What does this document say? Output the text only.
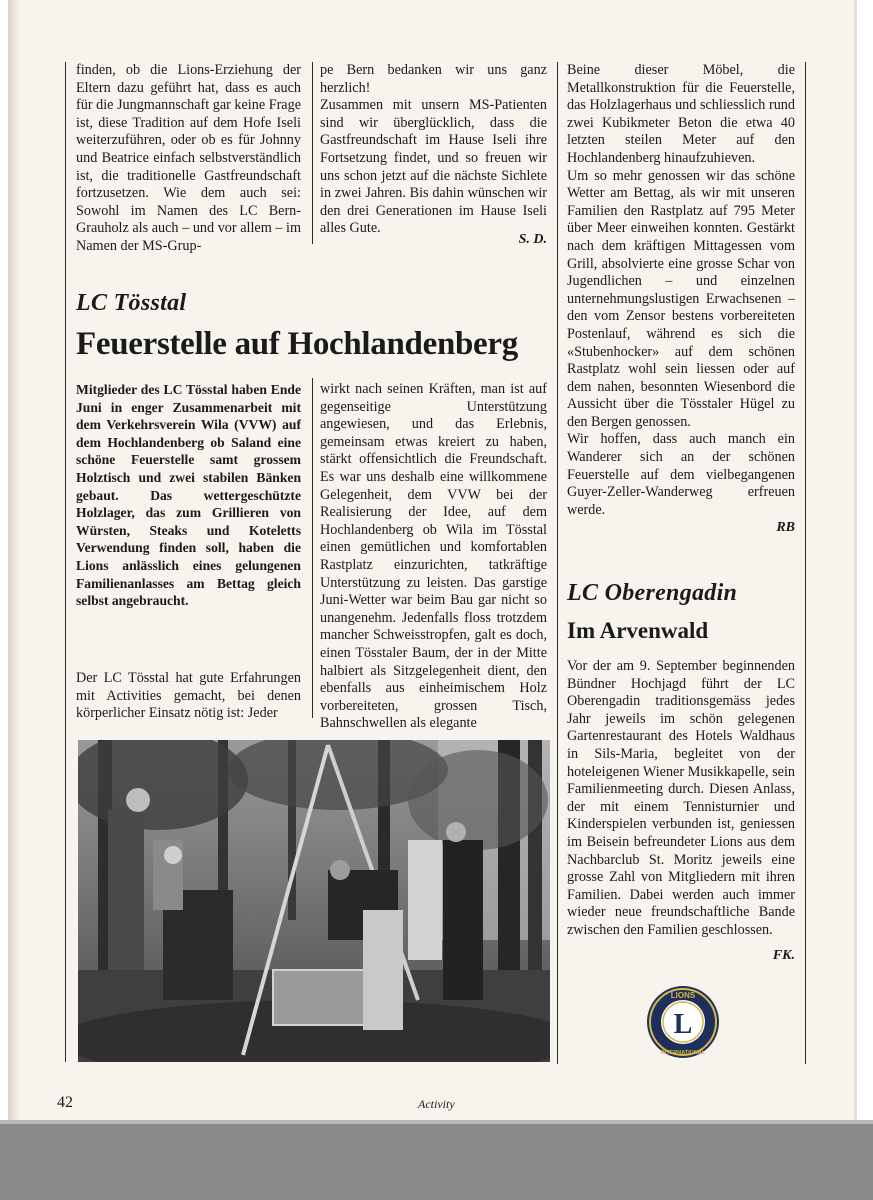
finden, ob die Lions-Erziehung der Eltern dazu geführt hat, dass es auch für die Jungmannschaft gar keine Frage ist, diese Tradition auf dem Hofe Iseli weiterzuführen, oder ob es für Johnny und Beatrice einfach selbstverständlich ist, die traditionelle Gastfreundschaft fortzusetzen. Wie dem auch sei: Sowohl im Namen des LC Bern-Grauholz als auch – und vor allem – im Namen der MS-Grup-

pe Bern bedanken wir uns ganz herzlich!

Zusammen mit unsern MS-Patienten sind wir überglücklich, dass die Gastfreundschaft im Hause Iseli ihre Fortsetzung findet, und so freuen wir uns schon jetzt auf die nächste Sichlete in zwei Jahren. Bis dahin wünschen wir den drei Generationen im Hause Iseli alles Gute.

S. D.
LC Tösstal
Feuerstelle auf Hochlandenberg
Mitglieder des LC Tösstal haben Ende Juni in enger Zusammenarbeit mit dem Verkehrsverein Wila (VVW) auf dem Hochlandenberg ob Saland eine schöne Feuerstelle samt grossem Holztisch und zwei stabilen Bänken gebaut. Das wettergeschützte Holzlager, das zum Grillieren von Würsten, Steaks und Koteletts Verwendung finden soll, haben die Lions anlässlich eines gelungenen Familienanlasses am Bettag gleich selbst angebraucht.
Der LC Tösstal hat gute Erfahrungen mit Activities gemacht, bei denen körperlicher Einsatz nötig ist: Jeder
wirkt nach seinen Kräften, man ist auf gegenseitige Unterstützung angewiesen, und das Erlebnis, gemeinsam etwas kreiert zu haben, stärkt offensichtlich die Freundschaft. Es war uns deshalb eine willkommene Gelegenheit, dem VVW bei der Realisierung der Idee, auf dem Hochlandenberg ob Wila im Tösstal einen gemütlichen und komfortablen Rastplatz einzurichten, tatkräftige Unterstützung zu leisten. Das garstige Juni-Wetter war beim Bau gar nicht so unangenehm. Jedenfalls floss trotzdem mancher Schweisstropfen, galt es doch, einen Tösstaler Baum, der in der Mitte halbiert als Sitzgelegenheit dient, den ebenfalls aus einheimischem Holz vorbereiteten, grossen Tisch, Bahnschwellen als elegante

Beine dieser Möbel, die Metallkonstruktion für die Feuerstelle, das Holzlagerhaus und schliesslich rund zwei Kubikmeter Beton die etwa 40 letzten steilen Meter auf den Hochlandenberg hinaufzuhieven.

Um so mehr genossen wir das schöne Wetter am Bettag, als wir mit unseren Familien den Rastplatz auf 795 Meter über Meer einweihen konnten. Gestärkt nach dem kräftigen Mittagessen vom Grill, absolvierte eine grosse Schar von Jugendlichen – und einzelnen unternehmungslustigen Erwachsenen – den vom Zensor bestens vorbereiteten Postenlauf, während es sich die «Stubenhocker» auf dem schönen Rastplatz wohl sein liessen oder auf dem nahen, besonnten Wiesenbord die Aussicht über die Tösstaler Hügel zu den Bergen genossen.

Wir hoffen, dass auch manch ein Wanderer sich an der schönen Feuerstelle auf dem vielbegangenen Guyer-Zeller-Wanderweg erfreuen werde.

RB
LC Oberengadin
Im Arvenwald
Vor der am 9. September beginnenden Bündner Hochjagd führt der LC Oberengadin traditionsgemäss jedes Jahr jeweils im schön gelegenen Gartenrestaurant des Hotels Waldhaus in Sils-Maria, begleitet von der hoteleigenen Wiener Musikkapelle, sein Familienmeeting durch. Diesen Anlass, der mit einem Tennisturnier und Kinderspielen verbunden ist, geniessen im Beisein befreundeter Lions aus dem Nachbarclub St. Moritz jeweils eine grosse Zahl von Mitgliedern mit ihren Familien. Dabei werden auch immer wieder neue freundschaftliche Bande zwischen den Familien geschlossen.
FK.
L
LIONS
INTERNATIONAL
42	Activity
